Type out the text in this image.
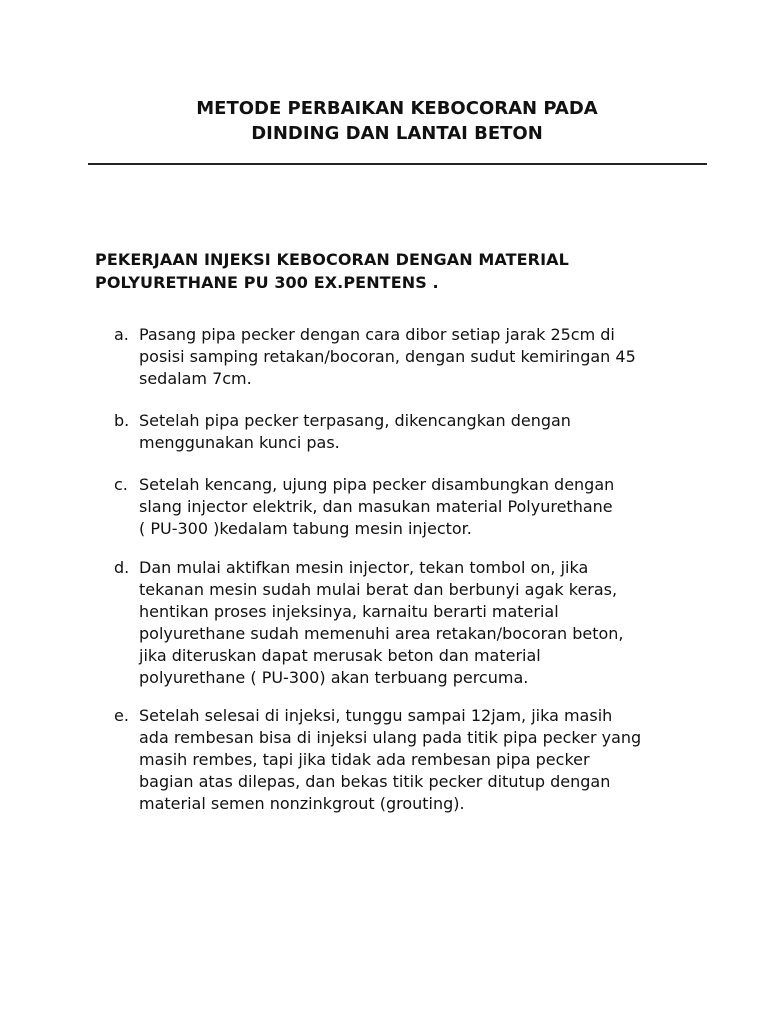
METODE PERBAIKAN KEBOCORAN PADA
DINDING DAN LANTAI BETON
PEKERJAAN INJEKSI KEBOCORAN DENGAN MATERIAL
POLYURETHANE PU 300 EX.PENTENS .
a. Pasang pipa pecker dengan cara dibor setiap jarak 25cm di
posisi samping retakan/bocoran, dengan sudut kemiringan 45
sedalam 7cm.
b. Setelah pipa pecker terpasang, dikencangkan dengan
menggunakan kunci pas.
c. Setelah kencang, ujung pipa pecker disambungkan dengan
slang injector elektrik, dan masukan material Polyurethane
( PU-300 )kedalam tabung mesin injector.
d. Dan mulai aktifkan mesin injector, tekan tombol on, jika
tekanan mesin sudah mulai berat dan berbunyi agak keras,
hentikan proses injeksinya, karnaitu berarti material
polyurethane sudah memenuhi area retakan/bocoran beton,
jika diteruskan dapat merusak beton dan material
polyurethane ( PU-300) akan terbuang percuma.
e. Setelah selesai di injeksi, tunggu sampai 12jam, jika masih
ada rembesan bisa di injeksi ulang pada titik pipa pecker yang
masih rembes, tapi jika tidak ada rembesan pipa pecker
bagian atas dilepas, dan bekas titik pecker ditutup dengan
material semen nonzinkgrout (grouting).
